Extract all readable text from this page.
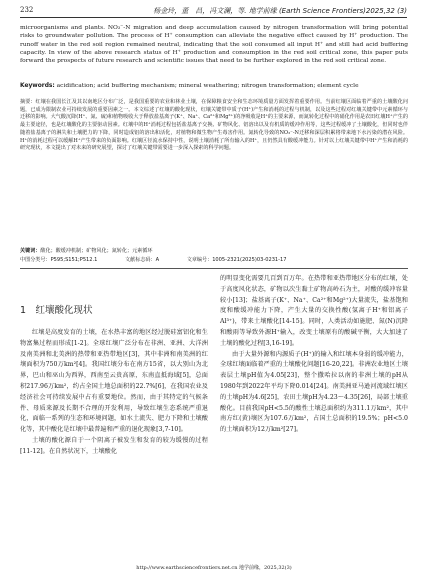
232	杨金玲，董　昌，冯文澜，等. 地学前缘 (Earth Science Frontiers)2025,32 (3)
microorganisms and plants. NO₃⁻-N migration and deep accumulation caused by nitrogen transformation will bring potential risks to groundwater pollution. The process of H⁺ consumption can alleviate the negative effect caused by H⁺ production. The runoff water in the red soil region remained neutral, indicating that the soil consumed all input H⁺ and still had acid buffering capacity. In view of the above research status of H⁺ production and consumption in the red soil critical zone, this paper puts forward the prospects of future research and scientific issues that need to be further explored in the red soil critical zone.
Keywords: acidification; acid buffering mechanism; mineral weathering; nitrogen transformation; element cycle
摘要：红壤在我国长江及其以南地区分布广泛，是我国重要的农业和林业土壤，在保障粮食安全和生态环境质量方面发挥着重要作用。当前红壤区面临着严重的土壤酸化问题，已成为限制农业可持续发展的重要因素之一。本文综述了红壤的酸化现状，红壤关键带中质子(H⁺)产生和消耗的过程与机制，以及这些过程对红壤关键带中元素循环与迁移的影响。大气酸沉降(H⁺、氮、硫)和植物吸收大于释放盐基离子(K⁺、Na⁺、Ca²⁺和Mg²⁺)的净吸收是H⁺的主要来源，而氮转化过程中的硝化作用是农田红壤H⁺产生的最主要途径，也是红壤酸化的主要驱动因素。红壤中的H⁺消耗过程包括盐基离子交换、矿物风化、铝溶出以及有机质的缓冲作用等，这些过程缓冲了土壤酸化，但同时也伴随着盐基离子的淋失和土壤肥力的下降，同时造成铝的溶出和活化，对植物和微生物产生毒害作用。氮转化导致的NO₃⁻-N迁移和深层积累将带来地下水污染的潜在风险。H⁺的消耗过程可以缓解H⁺产生带来的负面影响。红壤区径流水保持中性，说明土壤消耗了所有输入的H⁺，且仍然具有酸缓冲能力。针对以上红壤关键带中H⁺产生和消耗的研究现状，本文提出了对未来的研究展望，探讨了红壤关键带需要进一步深入探索的科学问题。
关键词：酸化；酸缓冲机制；矿物风化；氮转化；元素循环
中图分类号：P595;S151;P512.1	文献标志码：A	文章编号：1005-2321(2025)03-0231-17
1  红壤酸化现状

红壤是高度发育的土壤，在水热丰富的地区经过脱硅富铝化和生物富集过程而形成[1-2]。全球红壤广泛分布在非洲、亚洲、大洋洲及南美洲和北美洲的热带和亚热带地区[3]，其中非洲和南美洲的红壤面积为750万km²[4]。我国红壤分布在南方15省，以大别山为北界，巴山和巫山为西界，西南至云贵高原，东南直抵海域[5]，总面积217.96万km²，约占全国土地总面积的22.7%[6]，在我国农业及经济社会可持续发展中占有重要地位。然而，由于其特定的气候条件、母质来源及长期不合理的开发利用，导致红壤生态系统严重退化，面临一系列的生态和环境问题，如水土流失、肥力下降和土壤酸化等，其中酸化是红壤中最普遍和严重的退化现象[3,7-10]。

土壤的酸化源自于一个阴离子被发生和发育的较为缓慢的过程[11-12]。在自然状况下，土壤酸化

的明显变化需要几百到百万年。在热带和亚热带地区分布的红壤，处于高度风化状态，矿物以次生黏土矿物高岭石为主，对酸的缓冲容量较小[13]；盐基离子(K⁺、Na⁺、Ca²⁺和Mg²⁺)大量流失，盐基饱和度和酸缓冲能力下降，产生大量的交换性酸(氢离子H⁺和铝离子Al³⁺)，带来土壤酸化[14-15]。同时，人类活动如施肥、氮(N)沉降和酸雨等导致外源H⁺输入，改变土壤原有的酸碱平衡，大大加速了土壤的酸化过程[3,16-19]。

由于大量外源和内源质子(H⁺)的输入和红壤本身弱的缓冲能力，全球红壤面临着严重的土壤酸化问题[16-20,22]。非洲农业地区土壤表层土壤pH值为4.05[23]，整个撒哈拉以南的非洲土壤的pH从1980年到2022年平均下降0.014[24]。南美洲亚马逊河流域红壤区的土壤pH为4.6[25]，农田土壤pH为4.23～4.35[26]，局部土壤重酸化。目前我国pH<5.5的酸性土壤总面积约为311.1万km²，其中南方红(黄)壤区为107.6万km²，占国土总面积的19.5%；pH<5.0的土壤面积为12万km²[27]。

http://www.earthsciencefrontiers.net.cn 地学前缘，2025,32(3)
